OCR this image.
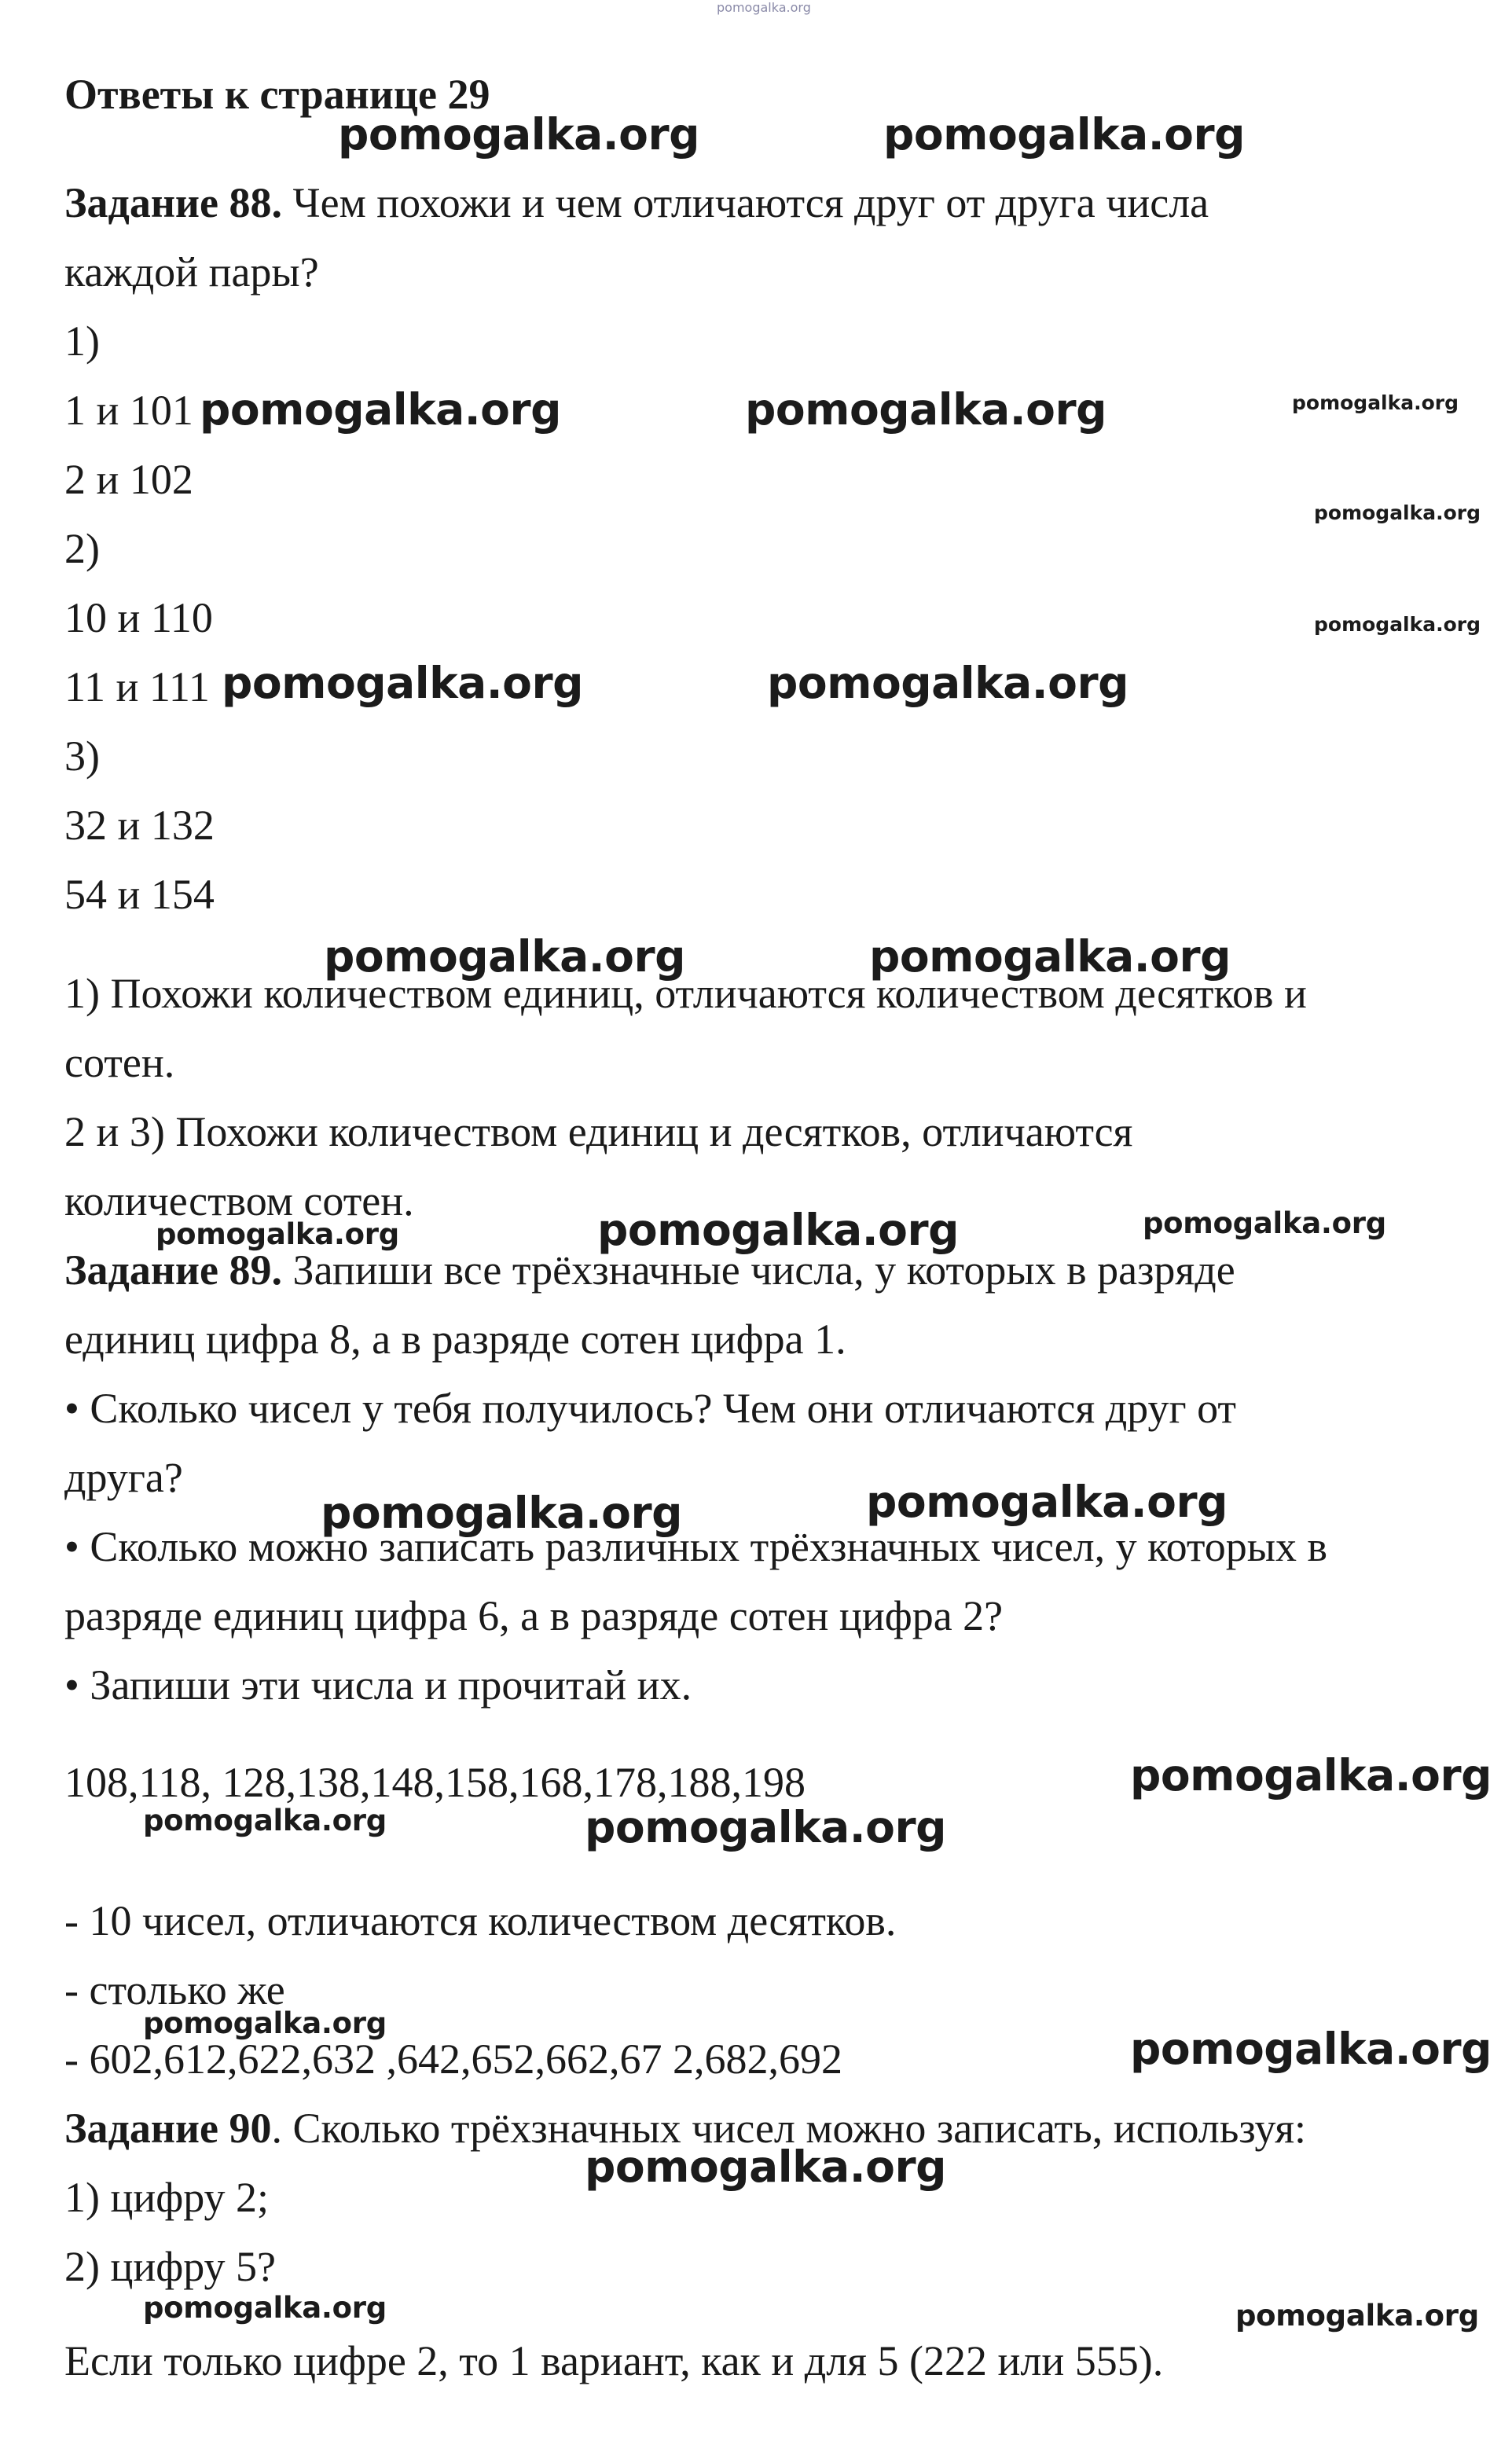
pomogalka.org

Ответы к странице 29

Задание 88. Чем похожи и чем отличаются друг от друга числа

каждой пары?

1)

1 и 101

2 и 102

2)

10 и 110

11 и 111

3)

32 и 132

54 и 154

1) Похожи количеством единиц, отличаются количеством десятков и

сотен.

2 и 3) Похожи количеством единиц и десятков, отличаются

количеством сотен.

Задание 89. Запиши все трёхзначные числа, у которых в разряде

единиц цифра 8, а в разряде сотен цифра 1.

• Сколько чисел у тебя получилось? Чем они отличаются друг от

друга?

• Сколько можно записать различных трёхзначных чисел, у которых в

разряде единиц цифра 6, а в разряде сотен цифра 2?

• Запиши эти числа и прочитай их.

108,118, 128,138,148,158,168,178,188,198

- 10 чисел, отличаются количеством десятков.

- столько же

- 602,612,622,632 ,642,652,662,67 2,682,692

Задание 90. Сколько трёхзначных чисел можно записать, используя:

1) цифру 2;

2) цифру 5?

Если только цифре 2, то 1 вариант, как и для 5 (222 или 555).

pomogalka.org	pomogalka.org
pomogalka.org	pomogalka.org	pomogalka.org
pomogalka.org
pomogalka.org
pomogalka.org	pomogalka.org
pomogalka.org	pomogalka.org
pomogalka.org	pomogalka.org	pomogalka.org
pomogalka.org	pomogalka.org
pomogalka.org
pomogalka.org	pomogalka.org
pomogalka.org
pomogalka.org
pomogalka.org
pomogalka.org	pomogalka.org
